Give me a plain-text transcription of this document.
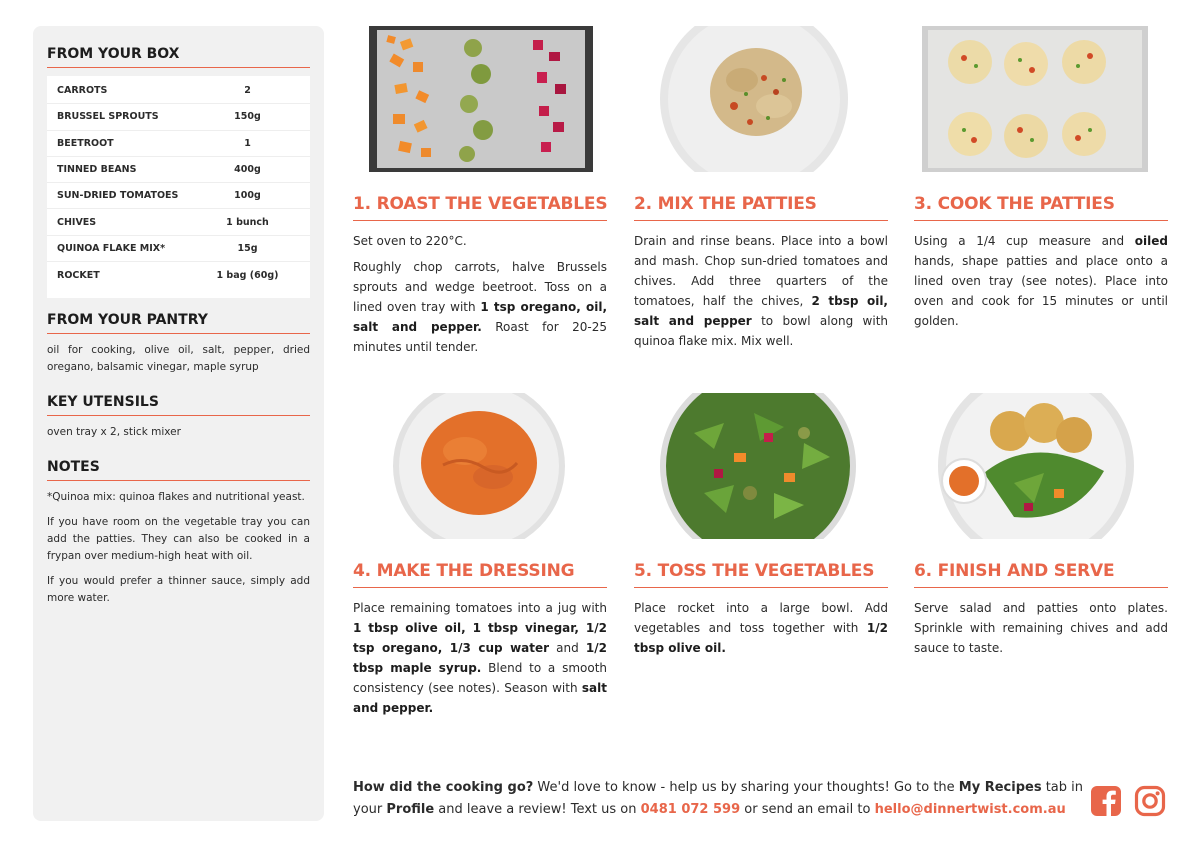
FROM YOUR BOX
CARROTS	2
BRUSSEL SPROUTS	150g
BEETROOT	1
TINNED BEANS	400g
SUN-DRIED TOMATOES	100g
CHIVES	1 bunch
QUINOA FLAKE MIX*	15g
ROCKET	1 bag (60g)
FROM YOUR PANTRY
oil for cooking, olive oil, salt, pepper, dried oregano, balsamic vinegar, maple syrup
KEY UTENSILS
oven tray x 2, stick mixer
NOTES
*Quinoa mix: quinoa flakes and nutritional yeast.
If you have room on the vegetable tray you can add the patties. They can also be cooked in a frypan over medium-high heat with oil.
If you would prefer a thinner sauce, simply add more water.
1. ROAST THE VEGETABLES

Set oven to 220°C.

Roughly chop carrots, halve Brussels sprouts and wedge beetroot. Toss on a lined oven tray with 1 tsp oregano, oil, salt and pepper. Roast for 20-25 minutes until tender.

2. MIX THE PATTIES

Drain and rinse beans. Place into a bowl and mash. Chop sun-dried tomatoes and chives. Add three quarters of the tomatoes, half the chives, 2 tbsp oil, salt and pepper to bowl along with quinoa flake mix. Mix well.

3. COOK THE PATTIES

Using a 1/4 cup measure and oiled hands, shape patties and place onto a lined oven tray (see notes). Place into oven and cook for 15 minutes or until golden.

4. MAKE THE DRESSING

Place remaining tomatoes into a jug with 1 tbsp olive oil, 1 tbsp vinegar, 1/2 tsp oregano, 1/3 cup water and 1/2 tbsp maple syrup. Blend to a smooth consistency (see notes). Season with salt and pepper.

5. TOSS THE VEGETABLES

Place rocket into a large bowl. Add vegetables and toss together with 1/2 tbsp olive oil.

6. FINISH AND SERVE

Serve salad and patties onto plates. Sprinkle with remaining chives and add sauce to taste.

How did the cooking go? We'd love to know - help us by sharing your thoughts! Go to the My Recipes tab in your Profile and leave a review! Text us on 0481 072 599 or send an email to hello@dinnertwist.com.au
